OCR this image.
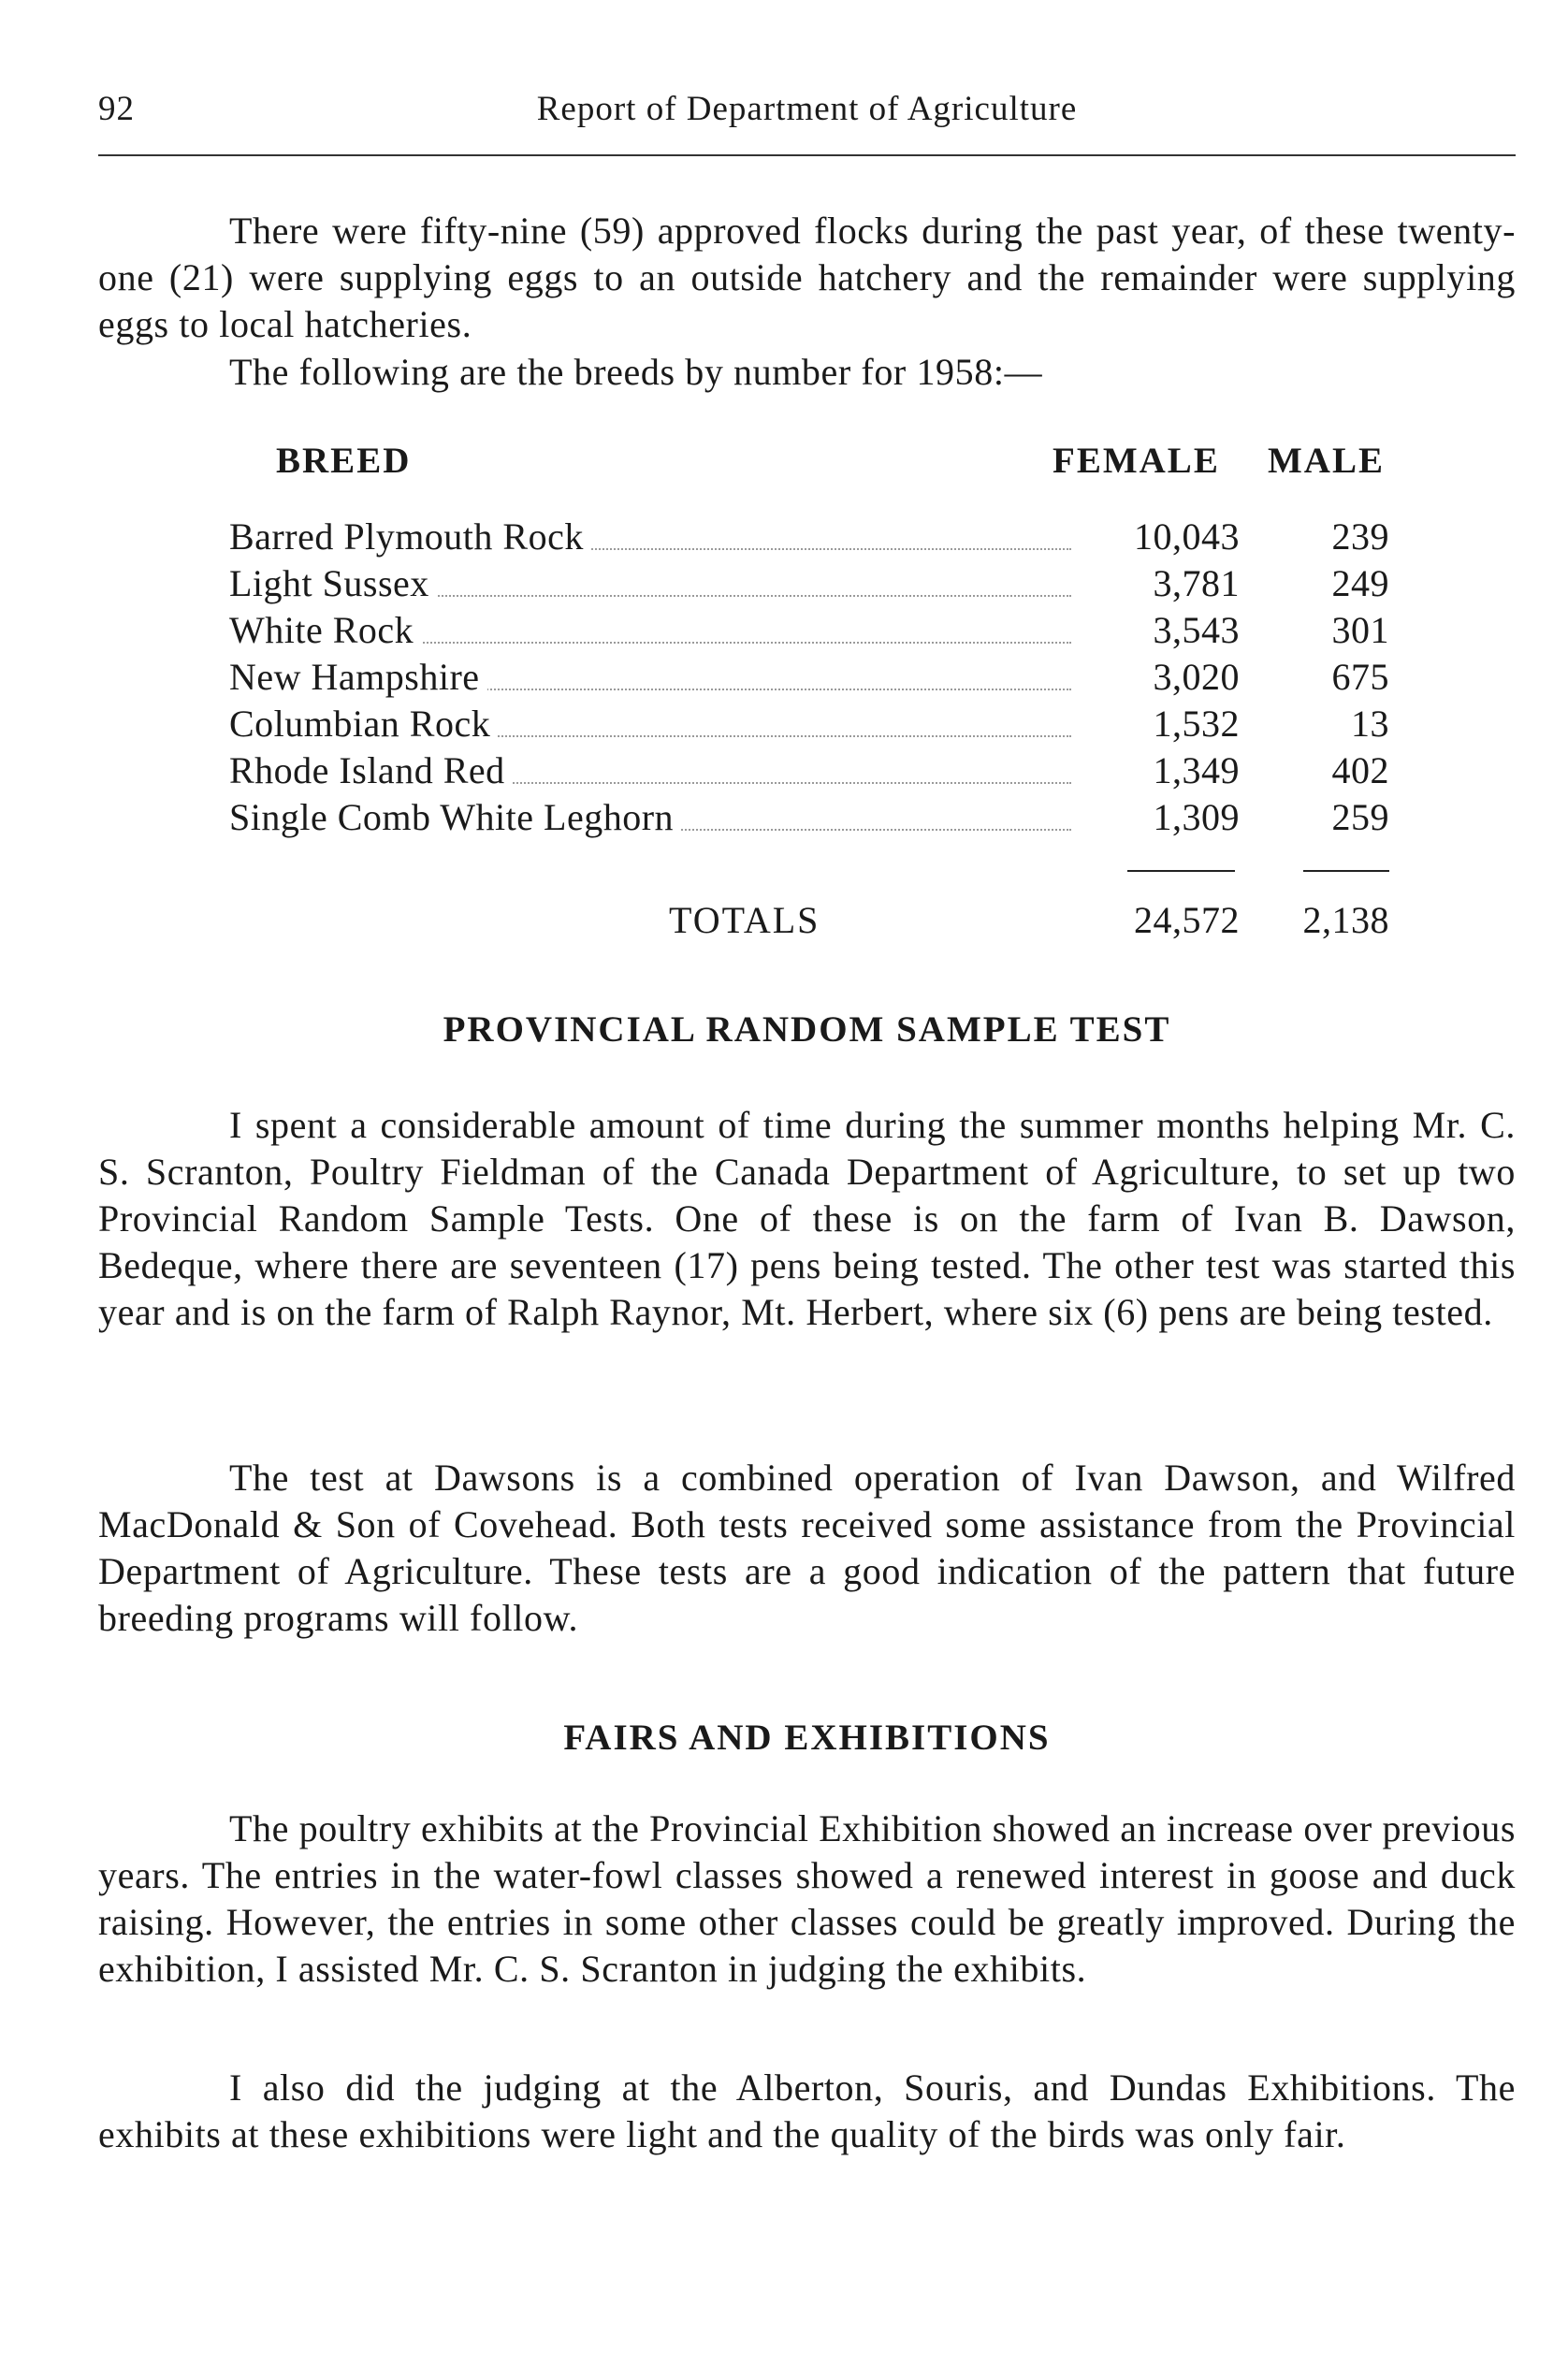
92	Report of Department of Agriculture

There were fifty-nine (59) approved flocks during the past year, of these twenty-one (21) were supplying eggs to an outside hatchery and the remainder were supplying eggs to local hatcheries.

The following are the breeds by number for 1958:—
BREED	FEMALE MALE
Barred Plymouth Rock	10,043 239
Light Sussex	3,781 249
White Rock	3,543 301
New Hampshire	3,020 675
Columbian Rock	1,532	13
Rhode Island Red	1,349 402
Single Comb White Leghorn	1,309 259
TOTALS	24,572 2,138
PROVINCIAL RANDOM SAMPLE TEST

I spent a considerable amount of time during the summer months helping Mr. C. S. Scranton, Poultry Fieldman of the Canada Department of Agriculture, to set up two Provincial Random Sample Tests. One of these is on the farm of Ivan B. Dawson, Bedeque, where there are seventeen (17) pens being tested. The other test was started this year and is on the farm of Ralph Raynor, Mt. Herbert, where six (6) pens are being tested.

The test at Dawsons is a combined operation of Ivan Dawson, and Wilfred MacDonald & Son of Covehead. Both tests received some assistance from the Provincial Department of Agriculture. These tests are a good indication of the pattern that future breeding programs will follow.

FAIRS AND EXHIBITIONS

The poultry exhibits at the Provincial Exhibition showed an increase over previous years. The entries in the water-fowl classes showed a renewed interest in goose and duck raising. However, the entries in some other classes could be greatly improved. During the exhibition, I assisted Mr. C. S. Scranton in judging the exhibits.

I also did the judging at the Alberton, Souris, and Dundas Exhibitions. The exhibits at these exhibitions were light and the quality of the birds was only fair.
